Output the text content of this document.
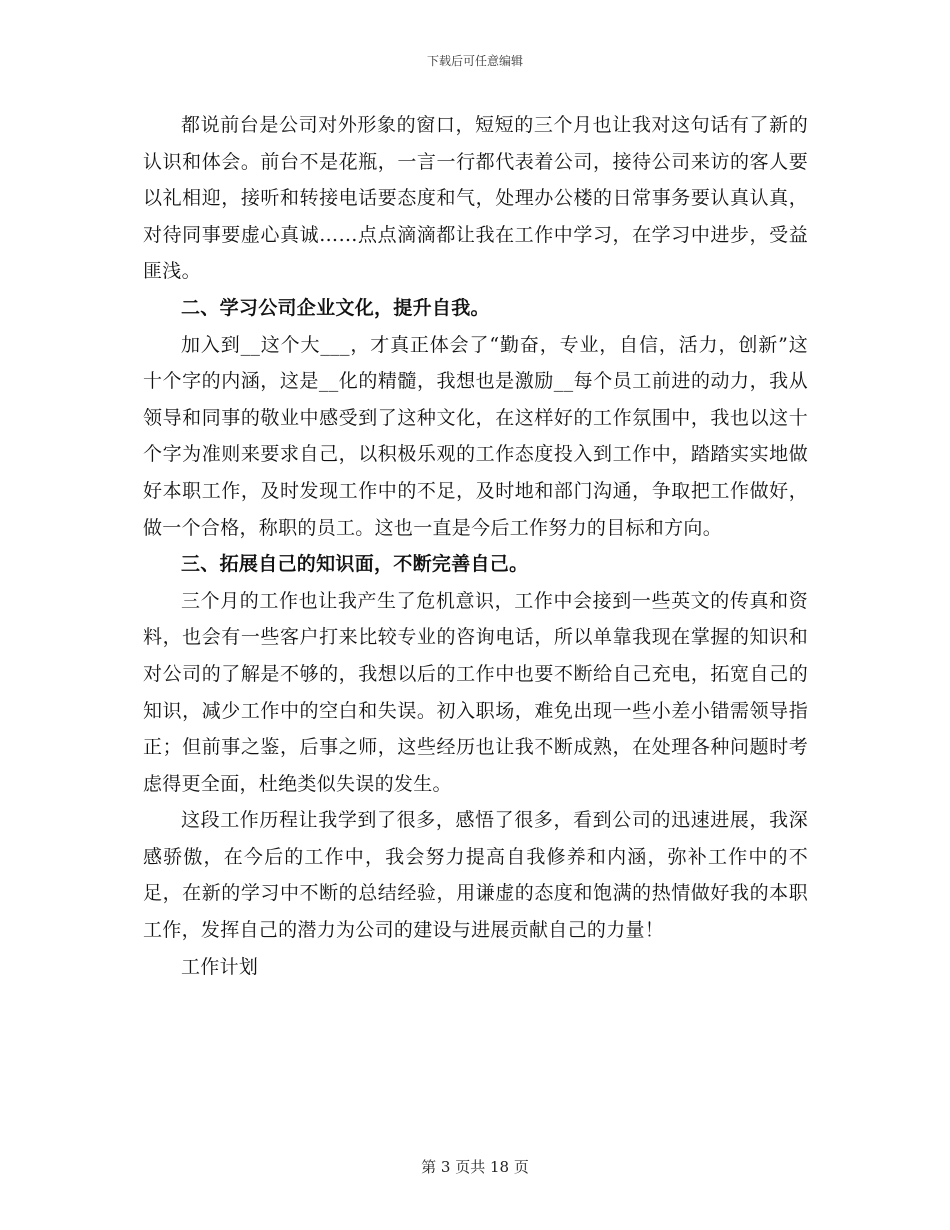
下载后可任意编辑

都说前台是公司对外形象的窗口，短短的三个月也让我对这句话有了新的认识和体会。前台不是花瓶，一言一行都代表着公司，接待公司来访的客人要以礼相迎，接听和转接电话要态度和气，处理办公楼的日常事务要认真认真，对待同事要虚心真诚……点点滴滴都让我在工作中学习，在学习中进步，受益匪浅。

二、学习公司企业文化，提升自我。

加入到__这个大___，才真正体会了“勤奋，专业，自信，活力，创新”这十个字的内涵，这是__化的精髓，我想也是激励__每个员工前进的动力，我从领导和同事的敬业中感受到了这种文化，在这样好的工作氛围中，我也以这十个字为准则来要求自己，以积极乐观的工作态度投入到工作中，踏踏实实地做好本职工作，及时发现工作中的不足，及时地和部门沟通，争取把工作做好，做一个合格，称职的员工。这也一直是今后工作努力的目标和方向。

三、拓展自己的知识面，不断完善自己。

三个月的工作也让我产生了危机意识，工作中会接到一些英文的传真和资料，也会有一些客户打来比较专业的咨询电话，所以单靠我现在掌握的知识和对公司的了解是不够的，我想以后的工作中也要不断给自己充电，拓宽自己的知识，减少工作中的空白和失误。初入职场，难免出现一些小差小错需领导指正；但前事之鉴，后事之师，这些经历也让我不断成熟，在处理各种问题时考虑得更全面，杜绝类似失误的发生。

这段工作历程让我学到了很多，感悟了很多，看到公司的迅速进展，我深感骄傲，在今后的工作中，我会努力提高自我修养和内涵，弥补工作中的不足，在新的学习中不断的总结经验，用谦虚的态度和饱满的热情做好我的本职工作，发挥自己的潜力为公司的建设与进展贡献自己的力量！

工作计划

第 3 页共 18 页
